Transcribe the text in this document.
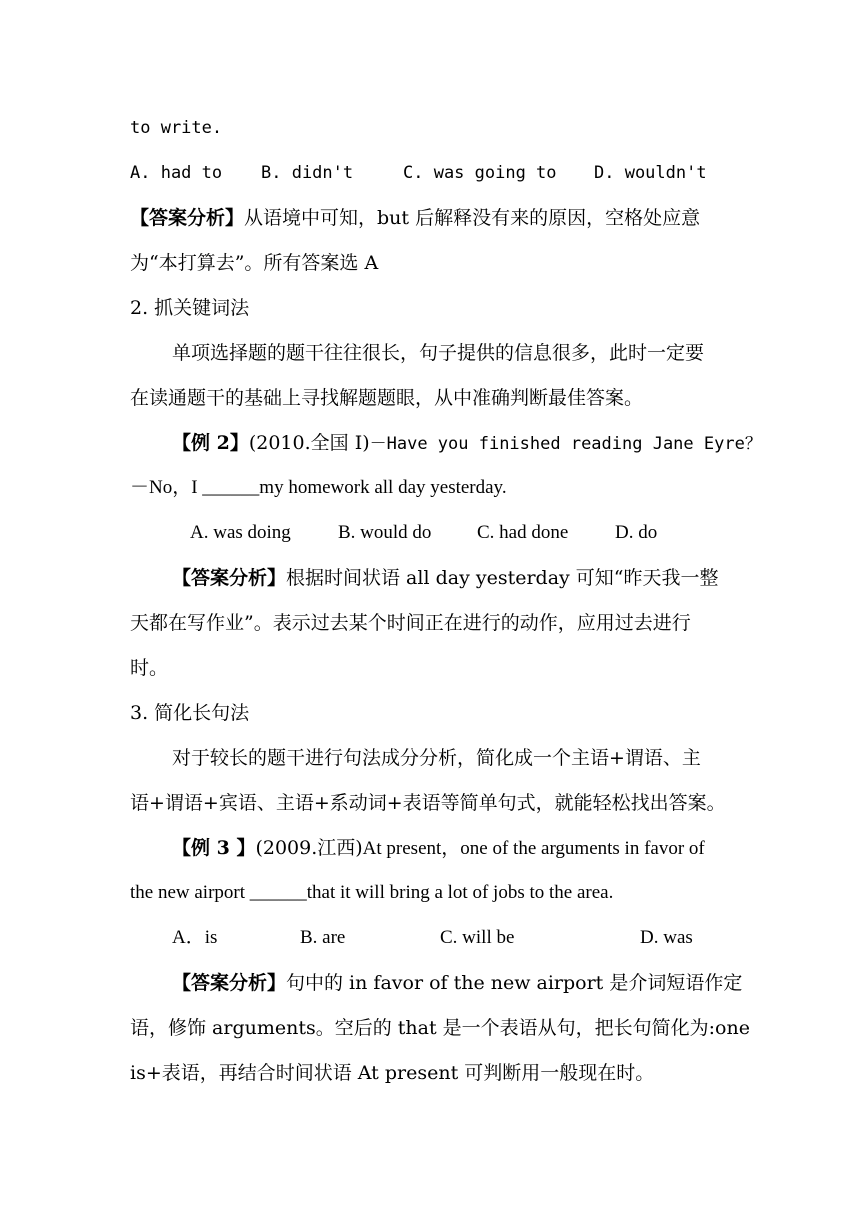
to write.
A. had to B. didn't	C. was going to D. wouldn't
【答案分析】从语境中可知，but 后解释没有来的原因，空格处应意
为“本打算去”。所有答案选 A
2. 抓关键词法
单项选择题的题干往往很长，句子提供的信息很多，此时一定要
在读通题干的基础上寻找解题题眼，从中准确判断最佳答案。
【例 2】(2010.全国 I)－Have you finished reading Jane Eyre？
－No，I ______my homework all day yesterday.
A. was doing B. would do C. had done D. do
【答案分析】根据时间状语 all day yesterday 可知“昨天我一整
天都在写作业”。表示过去某个时间正在进行的动作，应用过去进行
时。
3. 简化长句法
对于较长的题干进行句法成分分析，简化成一个主语+谓语、主
语+谓语+宾语、主语+系动词+表语等简单句式，就能轻松找出答案。
【例 3 】(2009.江西)At present，one of the arguments in favor of
the new airport ______that it will bring a lot of jobs to the area.
A．is	B. are	C. will be	D. was
【答案分析】句中的 in favor of the new airport 是介词短语作定
语，修饰 arguments。空后的 that 是一个表语从句，把长句简化为:one
is+表语，再结合时间状语 At present 可判断用一般现在时。
